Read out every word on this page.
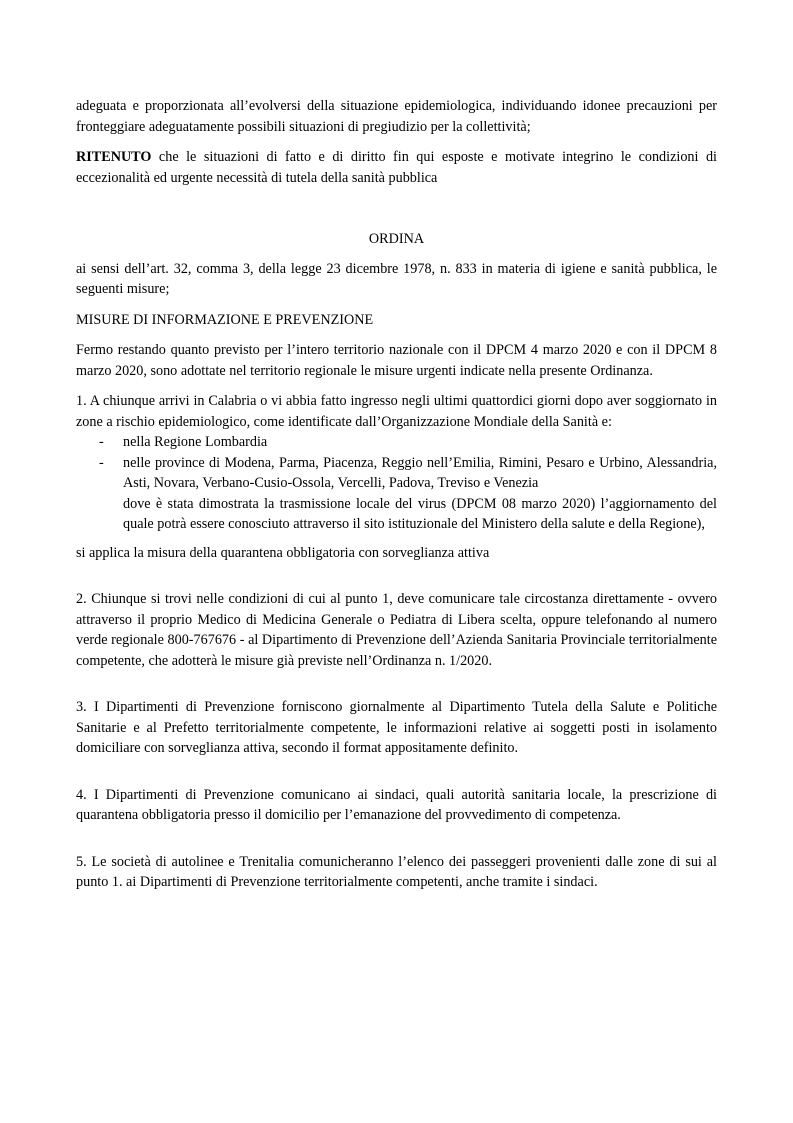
adeguata e proporzionata all’evolversi della situazione epidemiologica, individuando idonee precauzioni per fronteggiare adeguatamente possibili situazioni di pregiudizio per la collettività;

RITENUTO che le situazioni di fatto e di diritto fin qui esposte e motivate integrino le condizioni di eccezionalità ed urgente necessità di tutela della sanità pubblica

ORDINA

ai sensi dell’art. 32, comma 3, della legge 23 dicembre 1978, n. 833 in materia di igiene e sanità pubblica, le seguenti misure;

MISURE DI INFORMAZIONE E PREVENZIONE

Fermo restando quanto previsto per l’intero territorio nazionale con il DPCM 4 marzo 2020 e con il DPCM 8 marzo 2020, sono adottate nel territorio regionale le misure urgenti indicate nella presente Ordinanza.

1. A chiunque arrivi in Calabria o vi abbia fatto ingresso negli ultimi quattordici giorni dopo aver soggiornato in zone a rischio epidemiologico, come identificate dall’Organizzazione Mondiale della Sanità e:

- nella Regione Lombardia
- nelle province di Modena, Parma, Piacenza, Reggio nell’Emilia, Rimini, Pesaro e Urbino, Alessandria, Asti, Novara, Verbano-Cusio-Ossola, Vercelli, Padova, Treviso e Venezia
dove è stata dimostrata la trasmissione locale del virus (DPCM 08 marzo 2020) l’aggiornamento del quale potrà essere conosciuto attraverso il sito istituzionale del Ministero della salute e della Regione),

si applica la misura della quarantena obbligatoria con sorveglianza attiva

2. Chiunque si trovi nelle condizioni di cui al punto 1, deve comunicare tale circostanza direttamente - ovvero attraverso il proprio Medico di Medicina Generale o Pediatra di Libera scelta, oppure telefonando al numero verde regionale 800-767676 - al Dipartimento di Prevenzione dell’Azienda Sanitaria Provinciale territorialmente competente, che adotterà le misure già previste nell’Ordinanza n. 1/2020.

3. I Dipartimenti di Prevenzione forniscono giornalmente al Dipartimento Tutela della Salute e Politiche Sanitarie e al Prefetto territorialmente competente, le informazioni relative ai soggetti posti in isolamento domiciliare con sorveglianza attiva, secondo il format appositamente definito.

4. I Dipartimenti di Prevenzione comunicano ai sindaci, quali autorità sanitaria locale, la prescrizione di quarantena obbligatoria presso il domicilio per l’emanazione del provvedimento di competenza.

5. Le società di autolinee e Trenitalia comunicheranno l’elenco dei passeggeri provenienti dalle zone di sui al punto 1. ai Dipartimenti di Prevenzione territorialmente competenti, anche tramite i sindaci.
